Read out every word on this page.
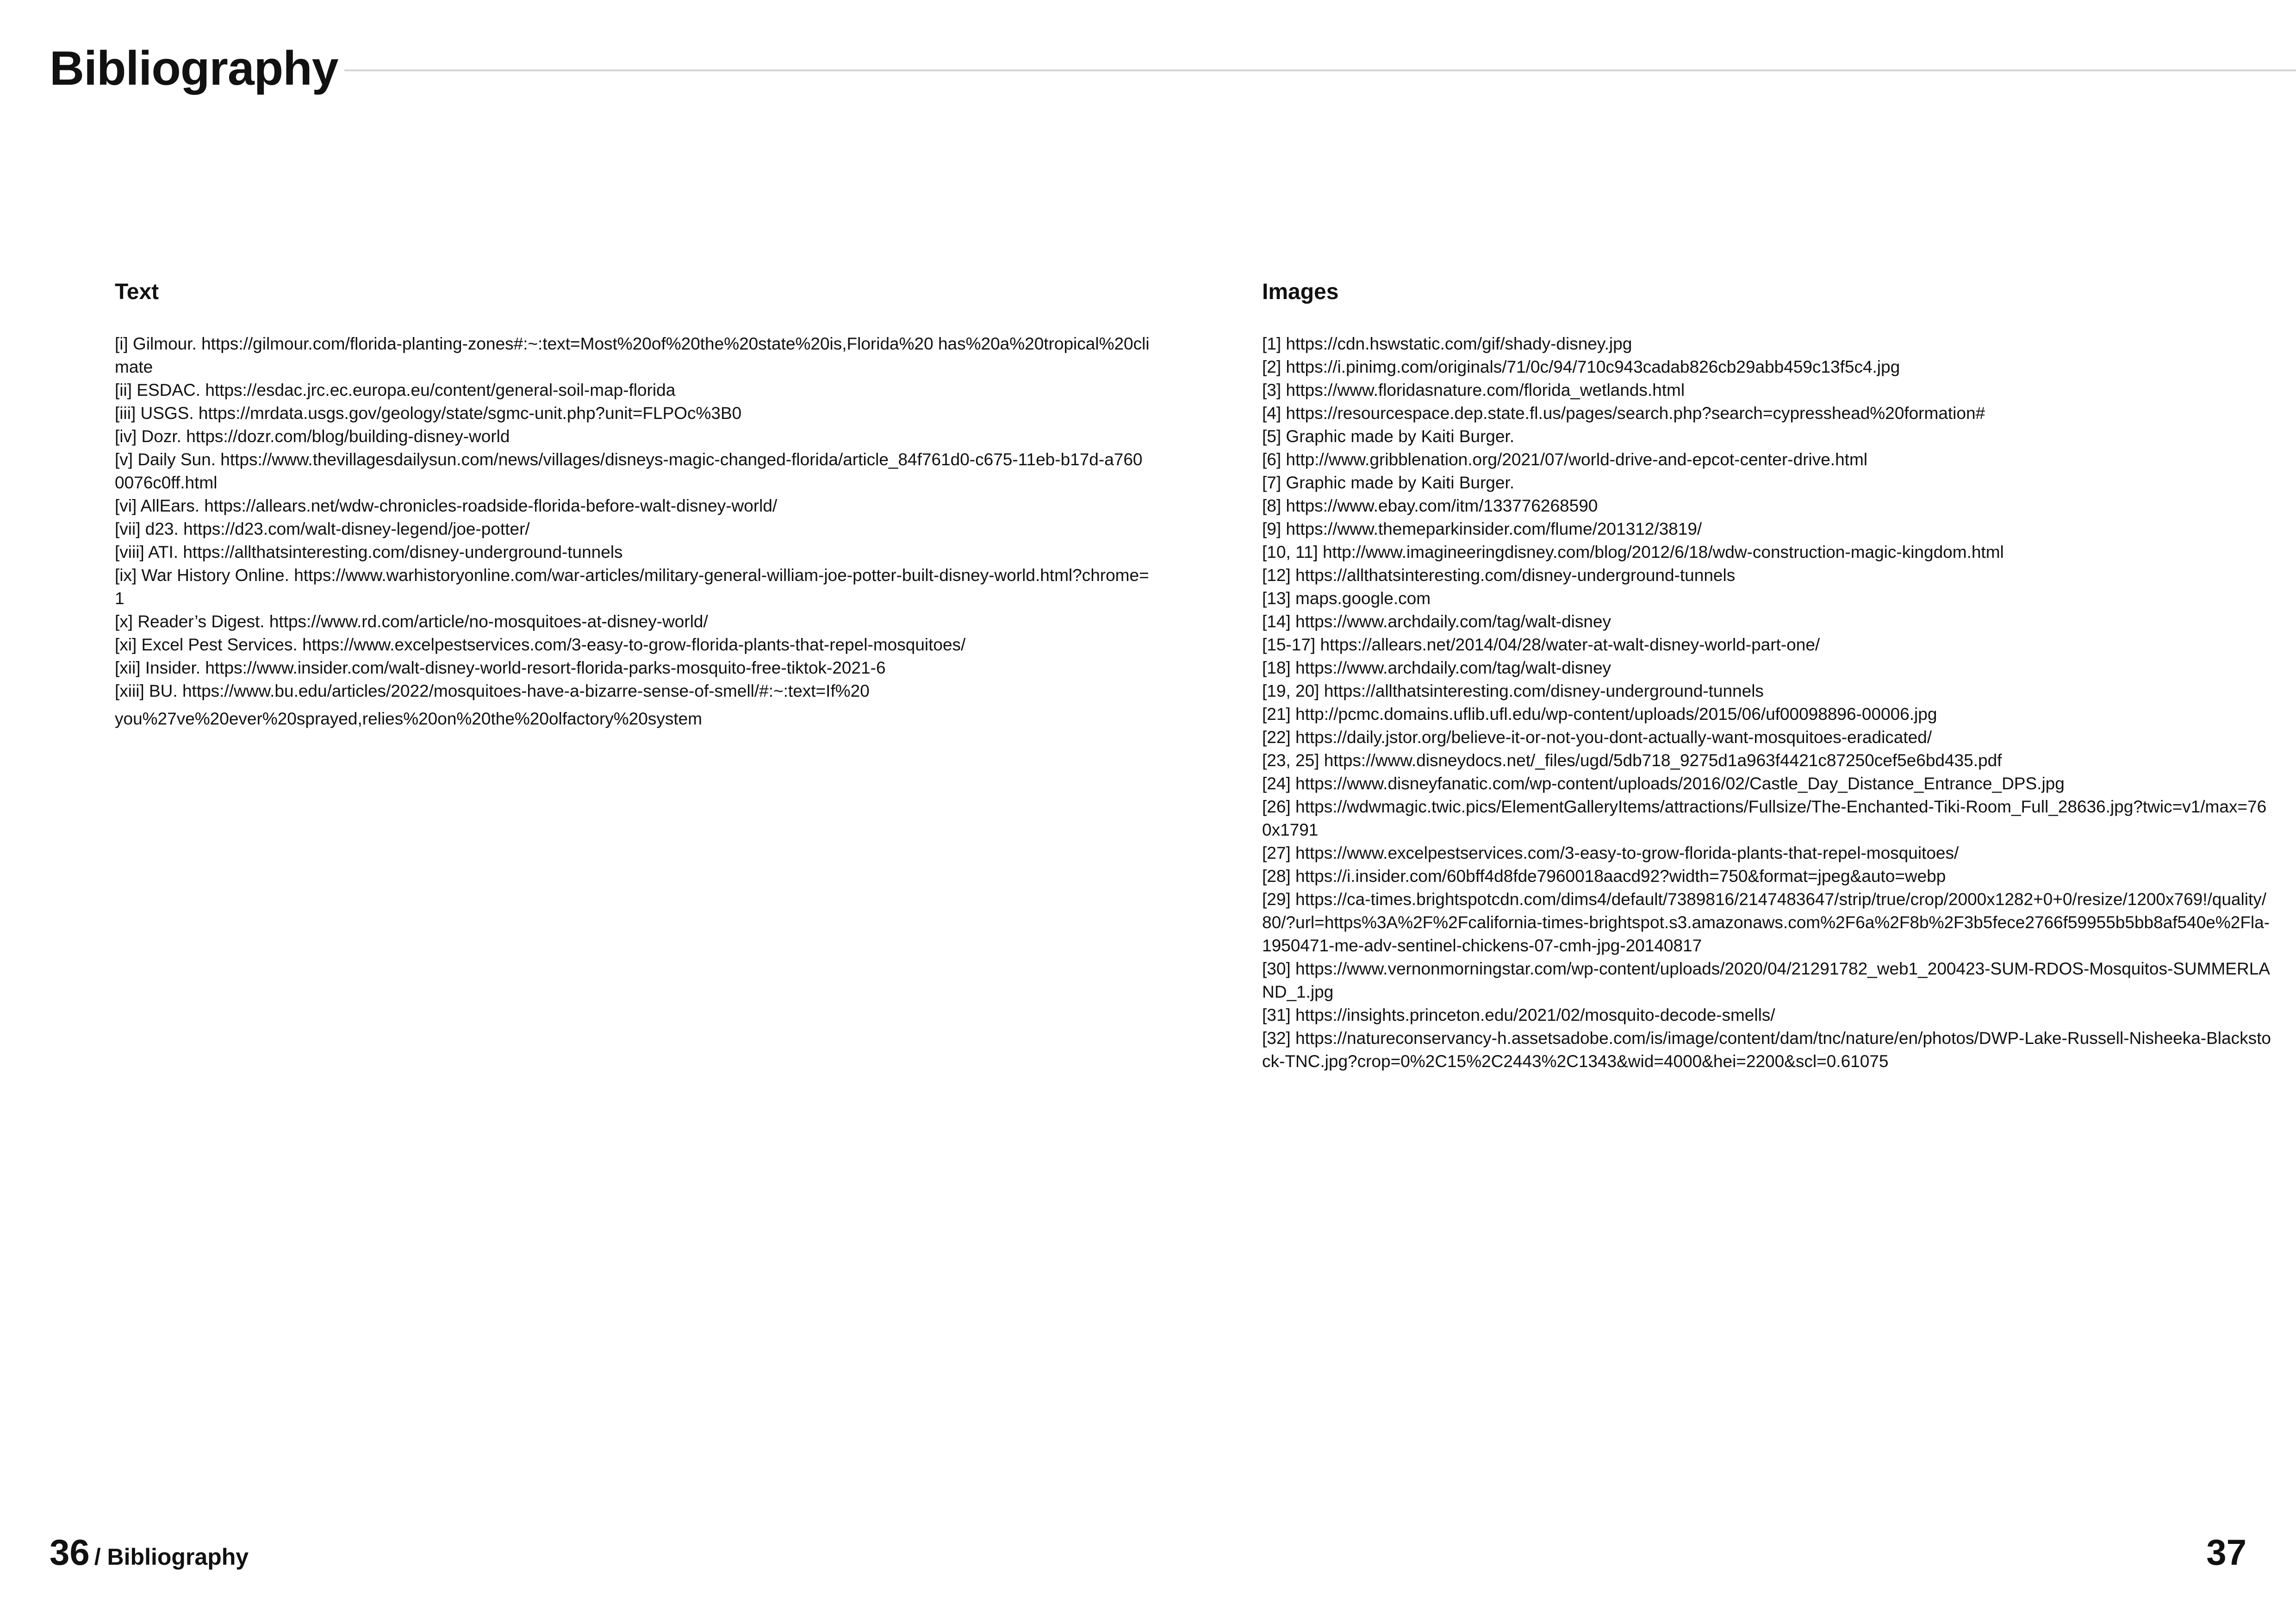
Bibliography
Text
[i] Gilmour. https://gilmour.com/florida-planting-zones#:~:text=Most%20of%20the%20state%20is,Florida%20 has%20a%20tropical%20climate
[ii] ESDAC. https://esdac.jrc.ec.europa.eu/content/general-soil-map-florida
[iii] USGS. https://mrdata.usgs.gov/geology/state/sgmc-unit.php?unit=FLPOc%3B0
[iv] Dozr. https://dozr.com/blog/building-disney-world
[v] Daily Sun. https://www.thevillagesdailysun.com/news/villages/disneys-magic-changed-florida/article_84f761d0-c675-11eb-b17d-a7600076c0ff.html
[vi] AllEars. https://allears.net/wdw-chronicles-roadside-florida-before-walt-disney-world/
[vii] d23. https://d23.com/walt-disney-legend/joe-potter/
[viii] ATI. https://allthatsinteresting.com/disney-underground-tunnels
[ix] War History Online. https://www.warhistoryonline.com/war-articles/military-general-william-joe-potter-built-disney-world.html?chrome=1
[x] Reader’s Digest. https://www.rd.com/article/no-mosquitoes-at-disney-world/
[xi] Excel Pest Services. https://www.excelpestservices.com/3-easy-to-grow-florida-plants-that-repel-mosquitoes/
[xii] Insider. https://www.insider.com/walt-disney-world-resort-florida-parks-mosquito-free-tiktok-2021-6
[xiii] BU. https://www.bu.edu/articles/2022/mosquitoes-have-a-bizarre-sense-of-smell/#:~:text=If%20
you%27ve%20ever%20sprayed,relies%20on%20the%20olfactory%20system
Images
[1] https://cdn.hswstatic.com/gif/shady-disney.jpg
[2] https://i.pinimg.com/originals/71/0c/94/710c943cadab826cb29abb459c13f5c4.jpg
[3] https://www.floridasnature.com/florida_wetlands.html
[4] https://resourcespace.dep.state.fl.us/pages/search.php?search=cypresshead%20formation#
[5] Graphic made by Kaiti Burger.
[6] http://www.gribblenation.org/2021/07/world-drive-and-epcot-center-drive.html
[7] Graphic made by Kaiti Burger.
[8] https://www.ebay.com/itm/133776268590
[9] https://www.themeparkinsider.com/flume/201312/3819/
[10, 11] http://www.imagineeringdisney.com/blog/2012/6/18/wdw-construction-magic-kingdom.html
[12] https://allthatsinteresting.com/disney-underground-tunnels
[13] maps.google.com
[14] https://www.archdaily.com/tag/walt-disney
[15-17] https://allears.net/2014/04/28/water-at-walt-disney-world-part-one/
[18] https://www.archdaily.com/tag/walt-disney
[19, 20] https://allthatsinteresting.com/disney-underground-tunnels
[21] http://pcmc.domains.uflib.ufl.edu/wp-content/uploads/2015/06/uf00098896-00006.jpg
[22] https://daily.jstor.org/believe-it-or-not-you-dont-actually-want-mosquitoes-eradicated/
[23, 25] https://www.disneydocs.net/_files/ugd/5db718_9275d1a963f4421c87250cef5e6bd435.pdf
[24] https://www.disneyfanatic.com/wp-content/uploads/2016/02/Castle_Day_Distance_Entrance_DPS.jpg
[26] https://wdwmagic.twic.pics/ElementGalleryItems/attractions/Fullsize/The-Enchanted-Tiki-Room_Full_28636.jpg?twic=v1/max=760x1791
[27] https://www.excelpestservices.com/3-easy-to-grow-florida-plants-that-repel-mosquitoes/
[28] https://i.insider.com/60bff4d8fde7960018aacd92?width=750&format=jpeg&auto=webp
[29] https://ca-times.brightspotcdn.com/dims4/default/7389816/2147483647/strip/true/crop/2000x1282+0+0/resize/1200x769!/quality/80/?url=https%3A%2F%2Fcalifornia-times-brightspot.s3.amazonaws.com%2F6a%2F8b%2F3b5fece2766f59955b5bb8af540e%2Fla-1950471-me-adv-sentinel-chickens-07-cmh-jpg-20140817
[30] https://www.vernonmorningstar.com/wp-content/uploads/2020/04/21291782_web1_200423-SUM-RDOS-Mosquitos-SUMMERLAND_1.jpg
[31] https://insights.princeton.edu/2021/02/mosquito-decode-smells/
[32] https://natureconservancy-h.assetsadobe.com/is/image/content/dam/tnc/nature/en/photos/DWP-Lake-Russell-Nisheeka-Blackstock-TNC.jpg?crop=0%2C15%2C2443%2C1343&wid=4000&hei=2200&scl=0.61075
36 / Bibliography	37
